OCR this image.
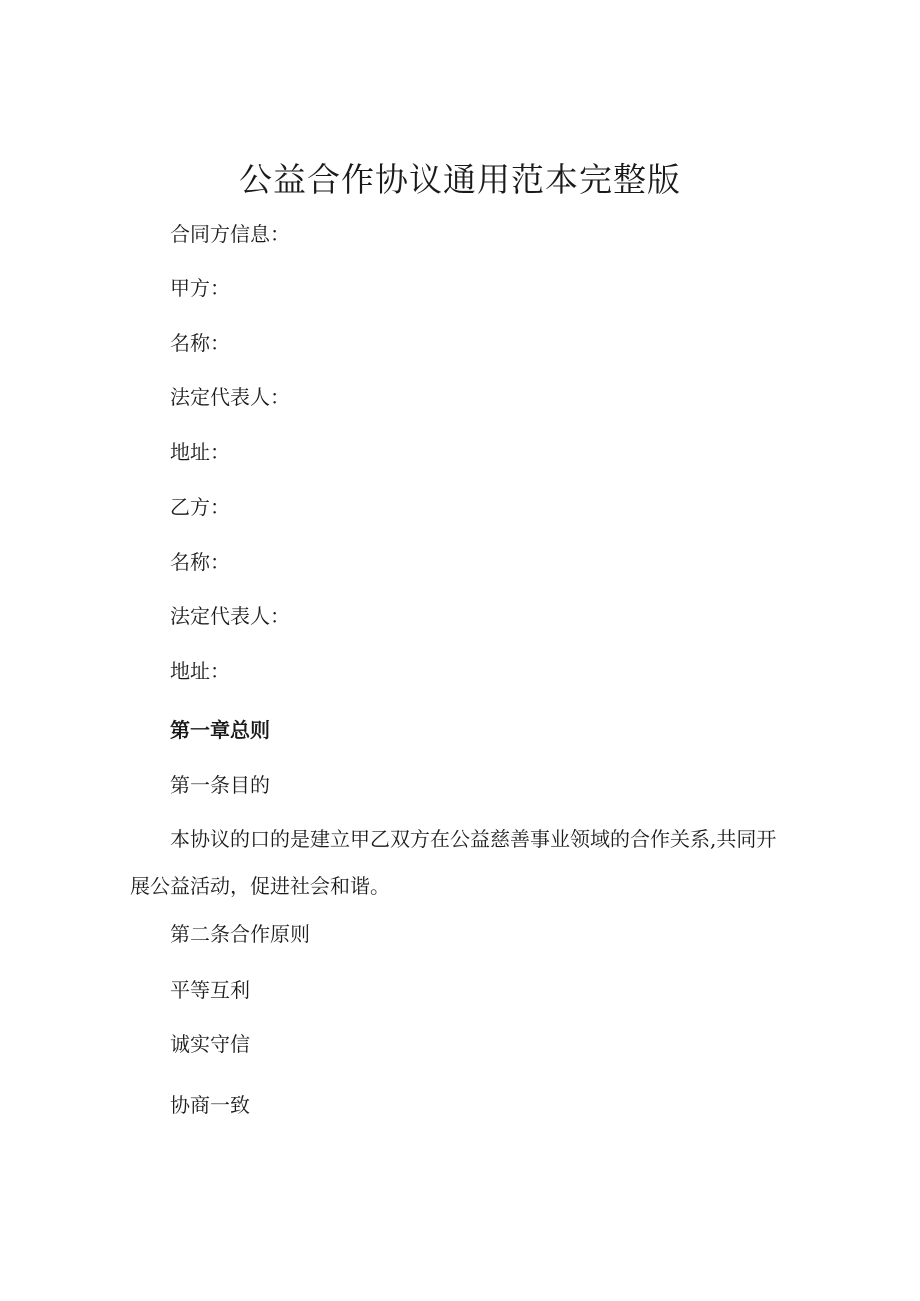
公益合作协议通用范本完整版
合同方信息：
甲方：
名称：
法定代表人：
地址：
乙方：
名称：
法定代表人：
地址：
第一章总则
第一条目的

本协议的口的是建立甲乙双方在公益慈善事业领域的合作关系,共同开展公益活动，促进社会和谐。

第二条合作原则
平等互利
诚实守信
协商一致
